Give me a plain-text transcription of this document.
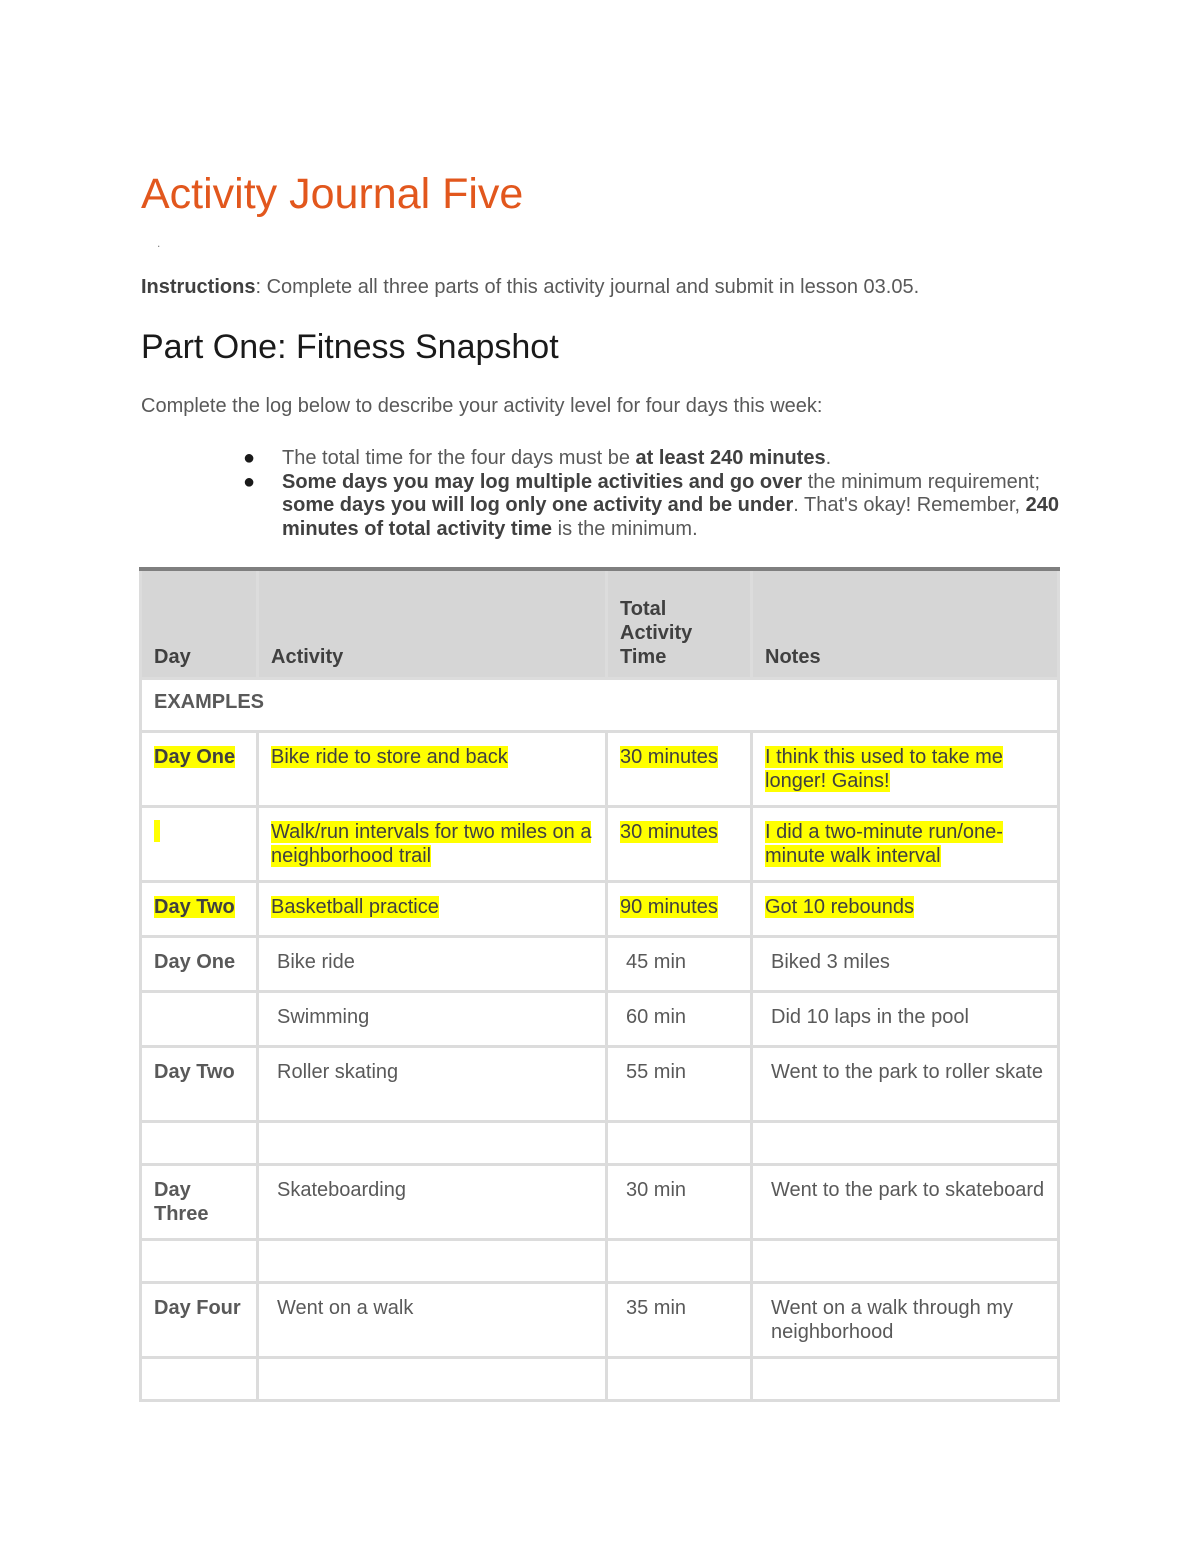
Activity Journal Five
.
Instructions: Complete all three parts of this activity journal and submit in lesson 03.05.
Part One: Fitness Snapshot
Complete the log below to describe your activity level for four days this week:
● The total time for the four days must be at least 240 minutes.
● Some days you may log multiple activities and go over the minimum requirement; some days you will log only one activity and be under. That's okay! Remember, 240 minutes of total activity time is the minimum.
Day	Activity	Total Activity Time	Notes
EXAMPLES			
Day One	Bike ride to store and back	30 minutes	I think this used to take me longer! Gains!
	Walk/run intervals for two miles on a neighborhood trail	30 minutes	I did a two-minute run/one-minute walk interval
Day Two	Basketball practice	90 minutes	Got 10 rebounds
Day One	Bike ride	45 min	Biked 3 miles
	Swimming	60 min	Did 10 laps in the pool
Day Two	Roller skating	55 min	Went to the park to roller skate

Day Three	Skateboarding	30 min	Went to the park to skateboard

Day Four	Went on a walk	35 min	Went on a walk through my neighborhood
